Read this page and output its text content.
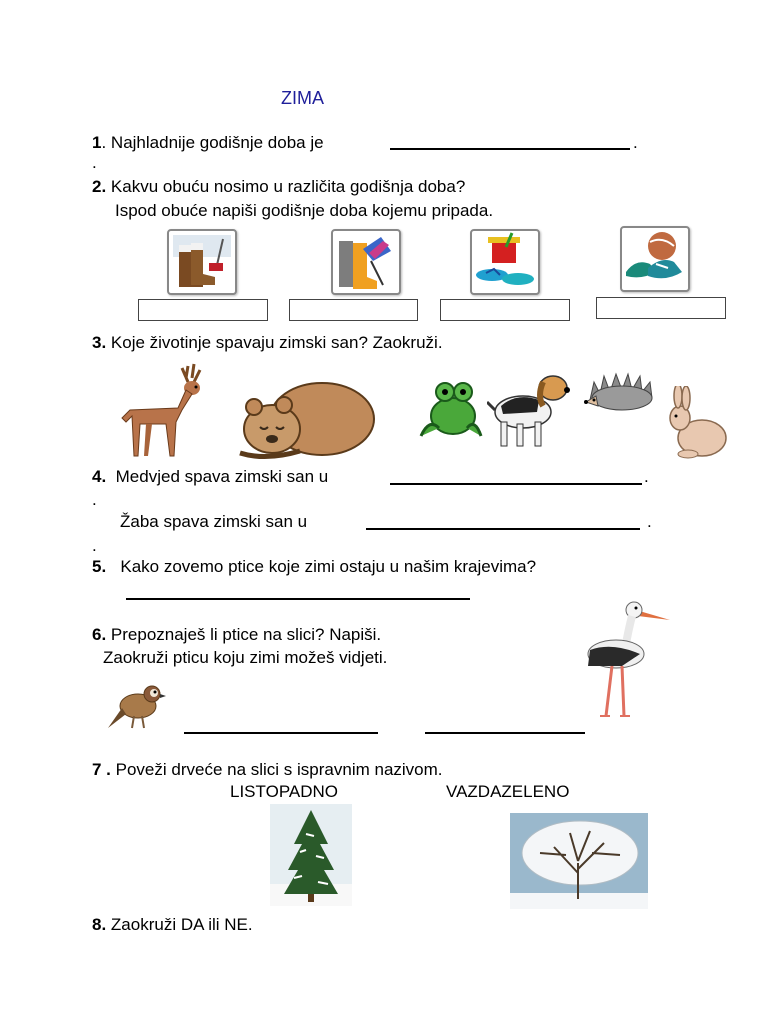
ZIMA
1. Najhladnije godišnje doba je	.
.
2. Kakvu obuću nosimo u različita godišnja doba?
Ispod obuće napiši godišnje doba kojemu pripada.
3. Koje životinje spavaju zimski san? Zaokruži.
4. Medvjed spava zimski san u	.
.
Žaba spava zimski san u	.
.
5. Kako zovemo ptice koje zimi ostaju u našim krajevima?
6. Prepoznaješ li ptice na slici? Napiši.
Zaokruži pticu koju zimi možeš vidjeti.
7 . Poveži drveće na slici s ispravnim nazivom.
LISTOPADNO	VAZDAZELENO
8. Zaokruži DA ili NE.
